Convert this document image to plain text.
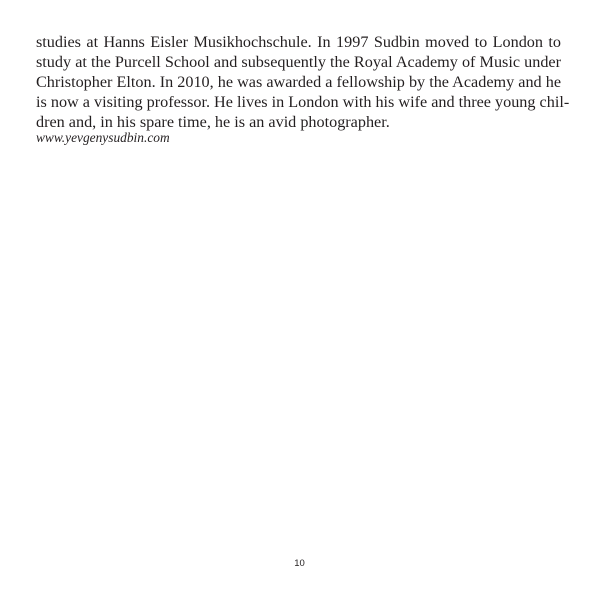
studies at Hanns Eisler Musikhochschule. In 1997 Sudbin moved to London to
study at the Purcell School and subsequently the Royal Academy of Music under
Christopher Elton. In 2010, he was awarded a fellowship by the Academy and he
is now a visiting professor. He lives in London with his wife and three young chil-
dren and, in his spare time, he is an avid photographer.

www.yevgenysudbin.com

10
